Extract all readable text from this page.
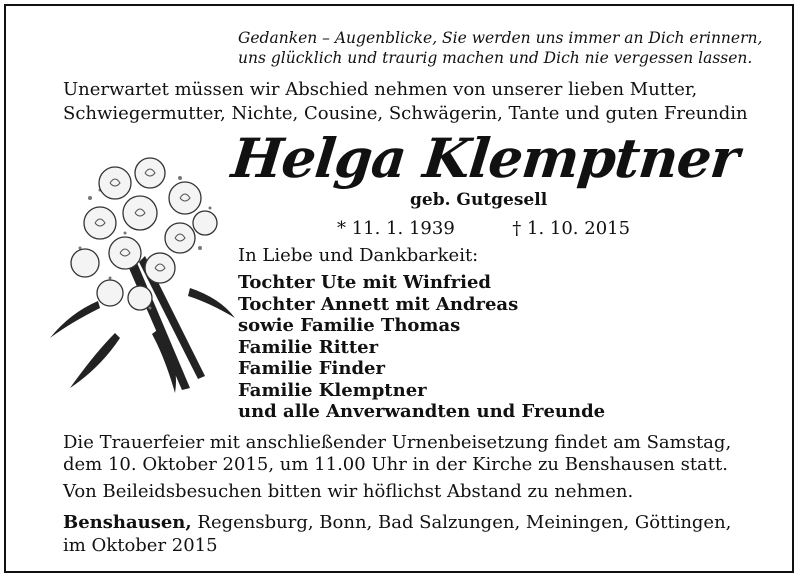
Gedanken – Augenblicke, Sie werden uns immer an Dich erinnern,
uns glücklich und traurig machen und Dich nie vergessen lassen.
Unerwartet müssen wir Abschied nehmen von unserer lieben Mutter,
Schwiegermutter, Nichte, Cousine, Schwägerin, Tante und guten Freundin
Helga Klemptner
geb. Gutgesell
* 11. 1. 1939	† 1. 10. 2015
In Liebe und Dankbarkeit:
Tochter Ute mit Winfried
Tochter Annett mit Andreas
sowie Familie Thomas
Familie Ritter
Familie Finder
Familie Klemptner
und alle Anverwandten und Freunde
Die Trauerfeier mit anschließender Urnenbeisetzung findet am Samstag,
dem 10. Oktober 2015, um 11.00 Uhr in der Kirche zu Benshausen statt.
Von Beileidsbesuchen bitten wir höflichst Abstand zu nehmen.
Benshausen, Regensburg, Bonn, Bad Salzungen, Meiningen, Göttingen,
im Oktober 2015
